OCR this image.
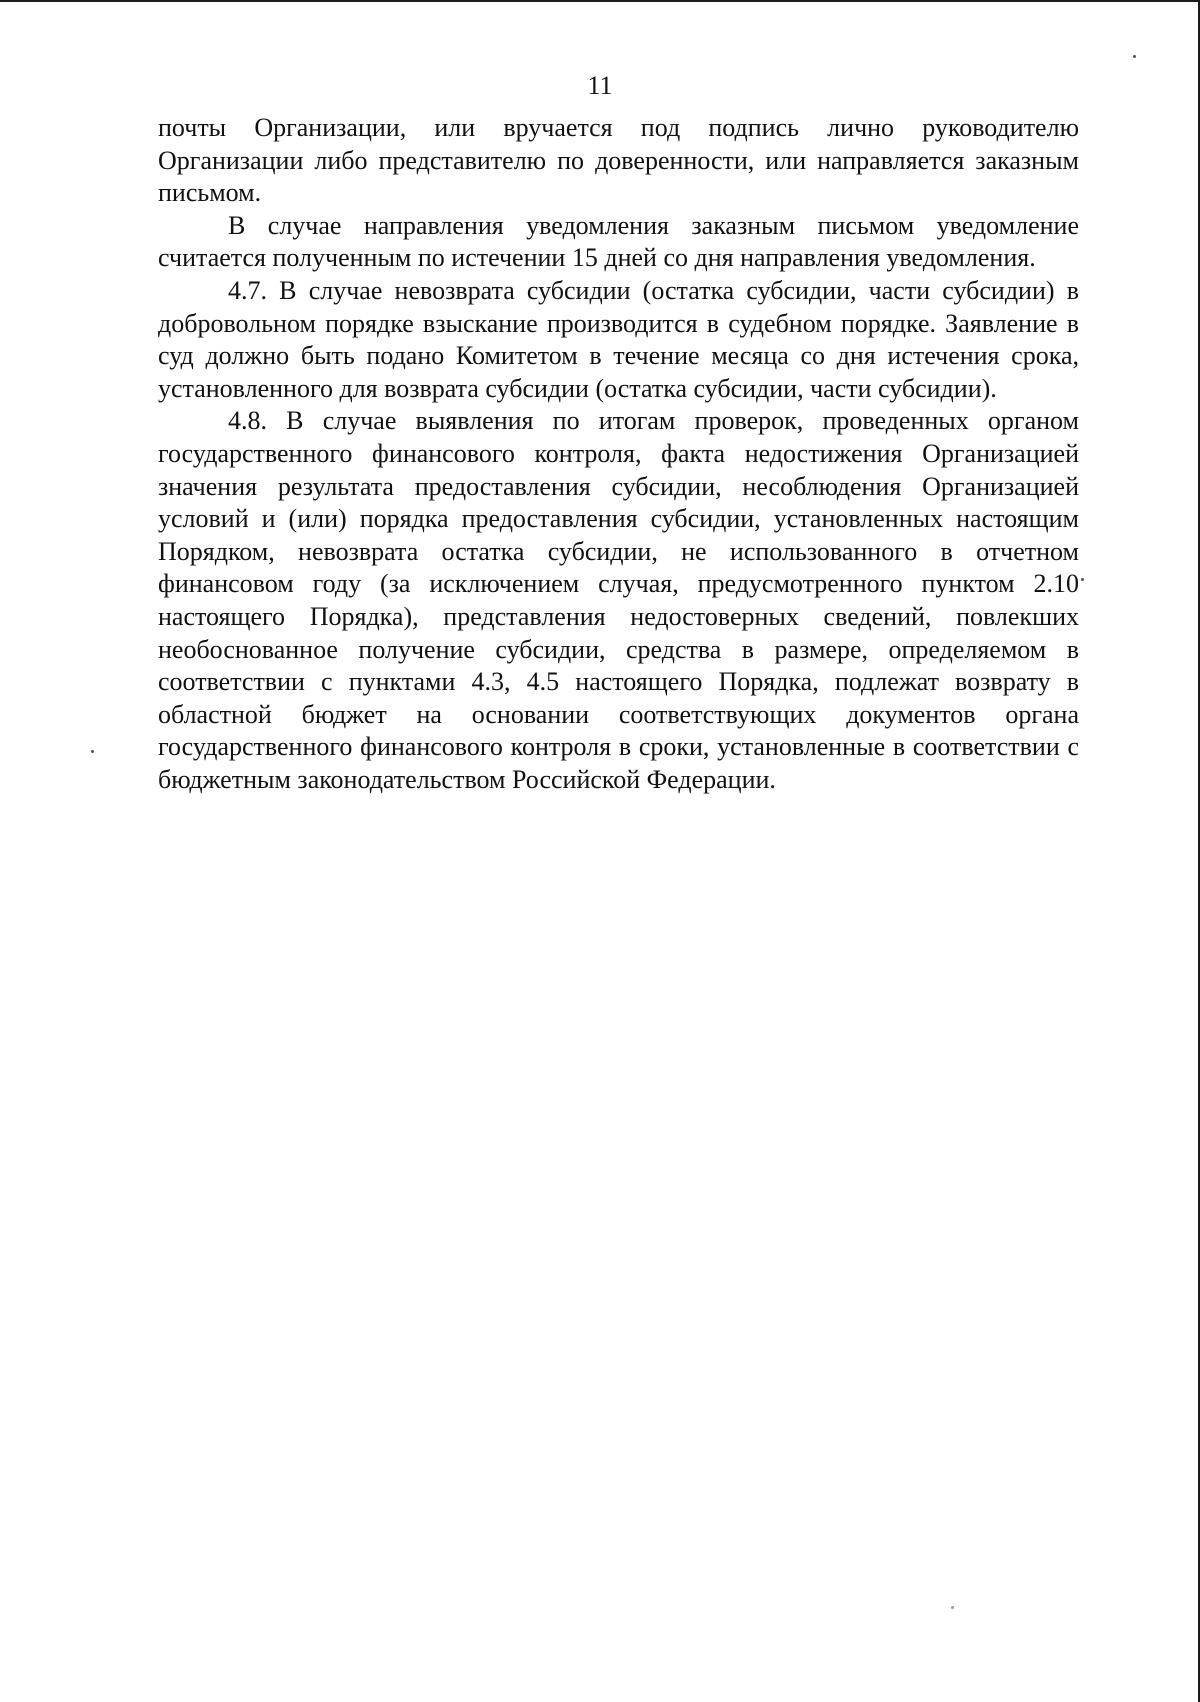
11

почты Организации, или вручается под подпись лично руководителю Организации либо представителю по доверенности, или направляется заказным письмом.

В случае направления уведомления заказным письмом уведомление считается полученным по истечении 15 дней со дня направления уведомления.

4.7. В случае невозврата субсидии (остатка субсидии, части субсидии) в добровольном порядке взыскание производится в судебном порядке. Заявление в суд должно быть подано Комитетом в течение месяца со дня истечения срока, установленного для возврата субсидии (остатка субсидии, части субсидии).

4.8. В случае выявления по итогам проверок, проведенных органом государственного финансового контроля, факта недостижения Организацией значения результата предоставления субсидии, несоблюдения Организацией условий и (или) порядка предоставления субсидии, установленных настоящим Порядком, невозврата остатка субсидии, не использованного в отчетном финансовом году (за исключением случая, предусмотренного пунктом 2.10 настоящего Порядка), представления недостоверных сведений, повлекших необоснованное получение субсидии, средства в размере, определяемом в соответствии с пунктами 4.3, 4.5 настоящего Порядка, подлежат возврату в областной бюджет на основании соответствующих документов органа государственного финансового контроля в сроки, установленные в соответствии с бюджетным законодательством Российской Федерации.
